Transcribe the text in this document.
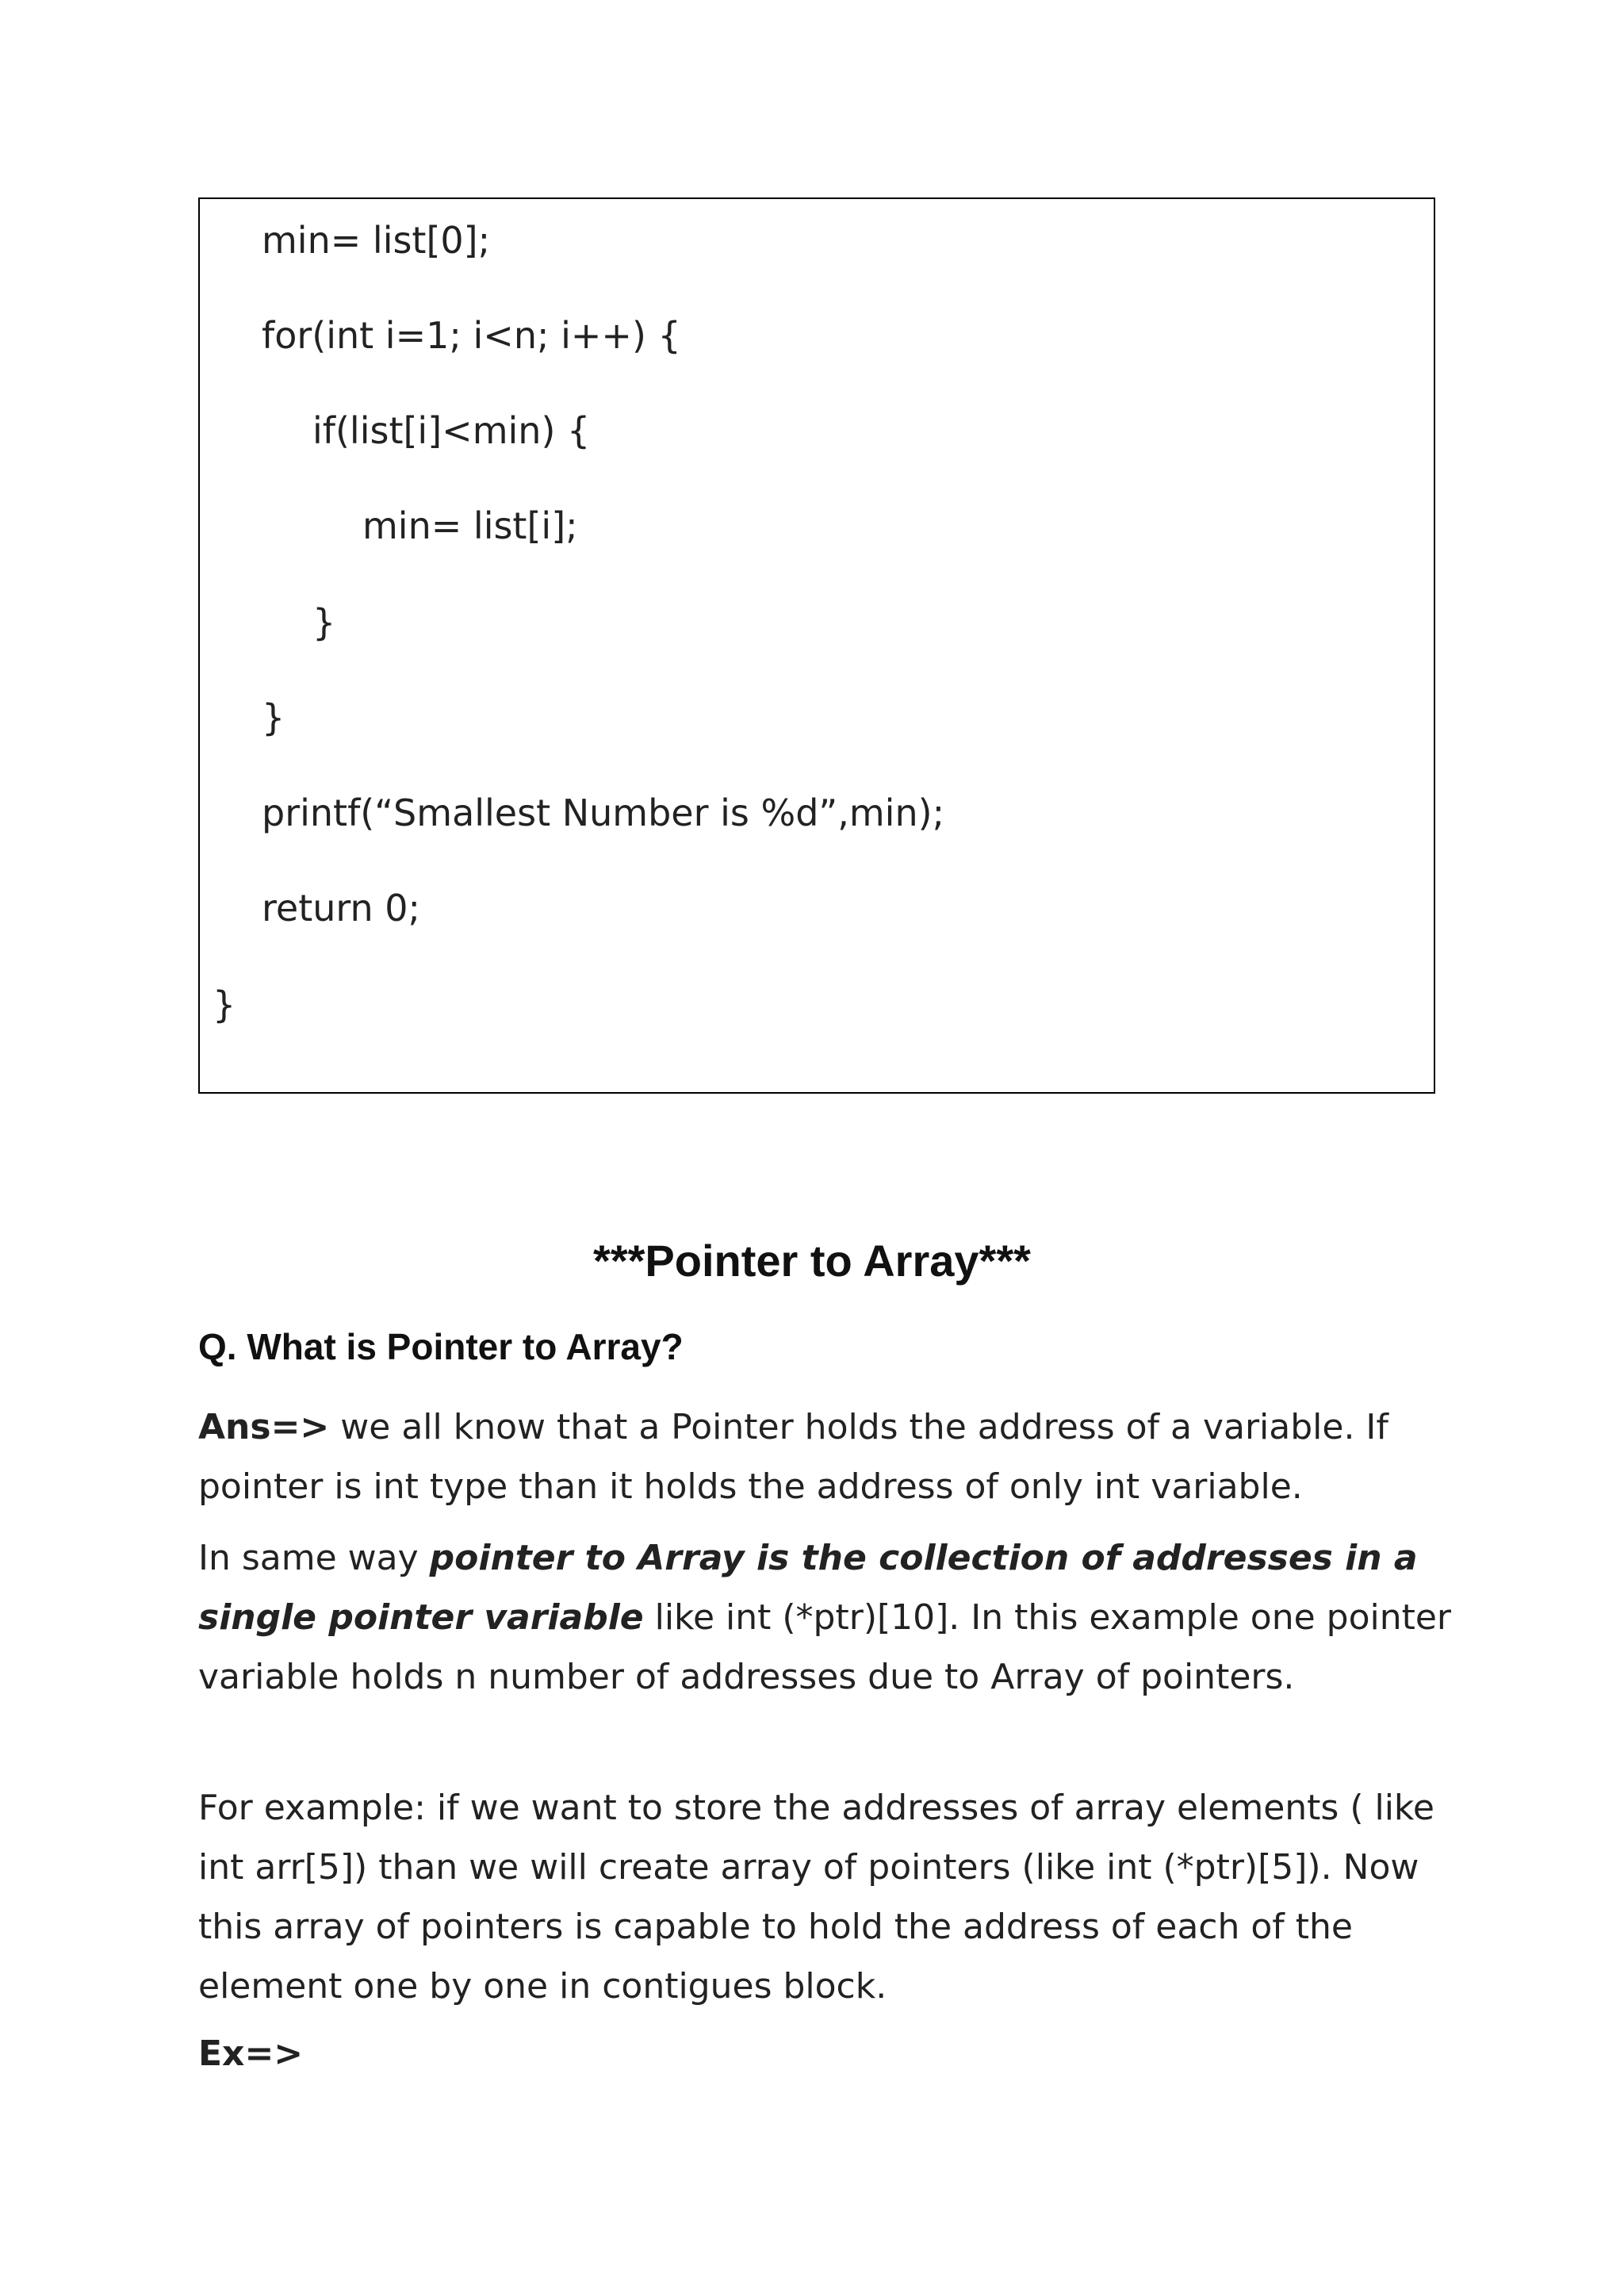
min= list[0];
for(int i=1; i<n; i++) {
if(list[i]<min) {
min= list[i];
}
}
printf(“Smallest Number is %d”,min);
return 0;
}
***Pointer to Array***
Q. What is Pointer to Array?
Ans=> we all know that a Pointer holds the address of a variable. If pointer is int type than it holds the address of only int variable.
In same way pointer to Array is the collection of addresses in a single pointer variable like int (*ptr)[10]. In this example one pointer variable holds n number of addresses due to Array of pointers.
For example: if we want to store the addresses of array elements ( like int arr[5]) than we will create array of pointers (like int (*ptr)[5]). Now this array of pointers is capable to hold the address of each of the element one by one in contigues block.
Ex=>
